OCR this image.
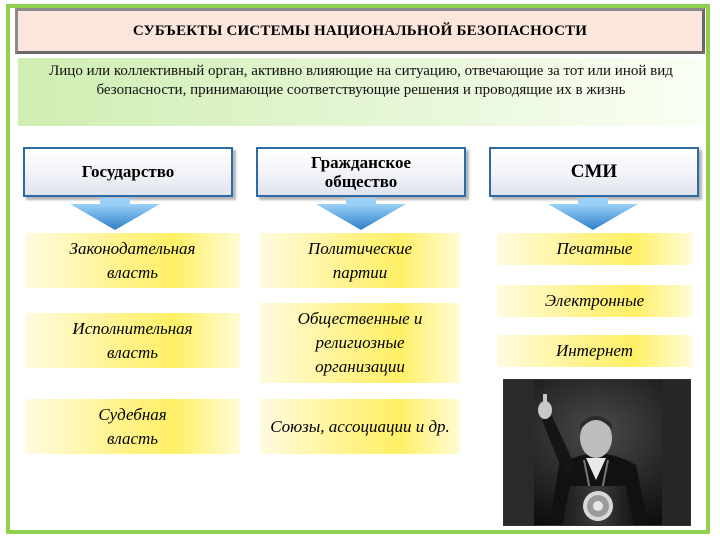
СУБЪЕКТЫ СИСТЕМЫ НАЦИОНАЛЬНОЙ БЕЗОПАСНОСТИ
Лицо или коллективный орган, активно влияющие на ситуацию, отвечающие за тот или иной вид безопасности, принимающие соответствующие решения и проводящие их в жизнь
Государство	Гражданское общество	СМИ
Законодательная власть
Исполнительная власть
Судебная власть
Политические партии
Общественные и религиозные организации
Союзы, ассоциации и др.
Печатные
Электронные
Интернет
